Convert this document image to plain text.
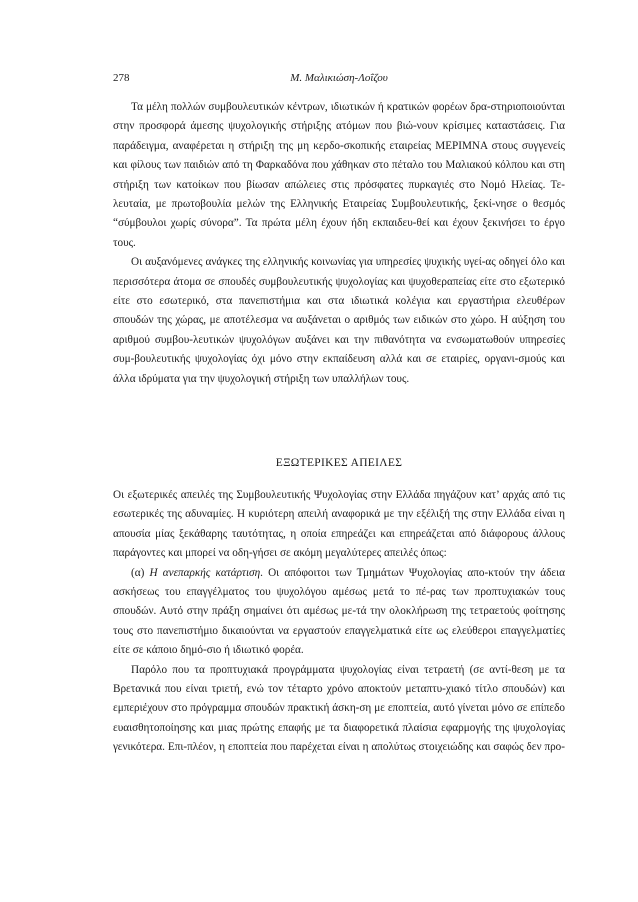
278	Μ. Μαλικιώση-Λοΐζου

Τα μέλη πολλών συμβουλευτικών κέντρων, ιδιωτικών ή κρατικών φορέων δρα-στηριοποιούνται στην προσφορά άμεσης ψυχολογικής στήριξης ατόμων που βιώ-νουν κρίσιμες καταστάσεις. Για παράδειγμα, αναφέρεται η στήριξη της μη κερδο-σκοπικής εταιρείας ΜΕΡΙΜΝΑ στους συγγενείς και φίλους των παιδιών από τη Φαρκαδόνα που χάθηκαν στο πέταλο του Μαλιακού κόλπου και στη στήριξη των κατοίκων που βίωσαν απώλειες στις πρόσφατες πυρκαγιές στο Νομό Ηλείας. Τε-λευταία, με πρωτοβουλία μελών της Ελληνικής Εταιρείας Συμβουλευτικής, ξεκί-νησε ο θεσμός “σύμβουλοι χωρίς σύνορα”. Τα πρώτα μέλη έχουν ήδη εκπαιδευ-θεί και έχουν ξεκινήσει το έργο τους.

Οι αυξανόμενες ανάγκες της ελληνικής κοινωνίας για υπηρεσίες ψυχικής υγεί-ας οδηγεί όλο και περισσότερα άτομα σε σπουδές συμβουλευτικής ψυχολογίας και ψυχοθεραπείας είτε στο εξωτερικό είτε στο εσωτερικό, στα πανεπιστήμια και στα ιδιωτικά κολέγια και εργαστήρια ελευθέρων σπουδών της χώρας, με αποτέλεσμα να αυξάνεται ο αριθμός των ειδικών στο χώρο. Η αύξηση του αριθμού συμβου-λευτικών ψυχολόγων αυξάνει και την πιθανότητα να ενσωματωθούν υπηρεσίες συμ-βουλευτικής ψυχολογίας όχι μόνο στην εκπαίδευση αλλά και σε εταιρίες, οργανι-σμούς και άλλα ιδρύματα για την ψυχολογική στήριξη των υπαλλήλων τους.

ΕΞΩΤΕΡΙΚΕΣ ΑΠΕΙΛΕΣ

Οι εξωτερικές απειλές της Συμβουλευτικής Ψυχολογίας στην Ελλάδα πηγάζουν κατ’ αρχάς από τις εσωτερικές της αδυναμίες. Η κυριότερη απειλή αναφορικά με την εξέλιξή της στην Ελλάδα είναι η απουσία μίας ξεκάθαρης ταυτότητας, η οποία επηρεάζει και επηρεάζεται από διάφορους άλλους παράγοντες και μπορεί να οδη-γήσει σε ακόμη μεγαλύτερες απειλές όπως:

(α) Η ανεπαρκής κατάρτιση. Οι απόφοιτοι των Τμημάτων Ψυχολογίας απο-κτούν την άδεια ασκήσεως του επαγγέλματος του ψυχολόγου αμέσως μετά το πέ-ρας των προπτυχιακών τους σπουδών. Αυτό στην πράξη σημαίνει ότι αμέσως με-τά την ολοκλήρωση της τετραετούς φοίτησης τους στο πανεπιστήμιο δικαιούνται να εργαστούν επαγγελματικά είτε ως ελεύθεροι επαγγελματίες είτε σε κάποιο δημό-σιο ή ιδιωτικό φορέα.

Παρόλο που τα προπτυχιακά προγράμματα ψυχολογίας είναι τετραετή (σε αντί-θεση με τα Βρετανικά που είναι τριετή, ενώ τον τέταρτο χρόνο αποκτούν μεταπτυ-χιακό τίτλο σπουδών) και εμπεριέχουν στο πρόγραμμα σπουδών πρακτική άσκη-ση με εποπτεία, αυτό γίνεται μόνο σε επίπεδο ευαισθητοποίησης και μιας πρώτης επαφής με τα διαφορετικά πλαίσια εφαρμογής της ψυχολογίας γενικότερα. Επι-πλέον, η εποπτεία που παρέχεται είναι η απολύτως στοιχειώδης και σαφώς δεν προ-
